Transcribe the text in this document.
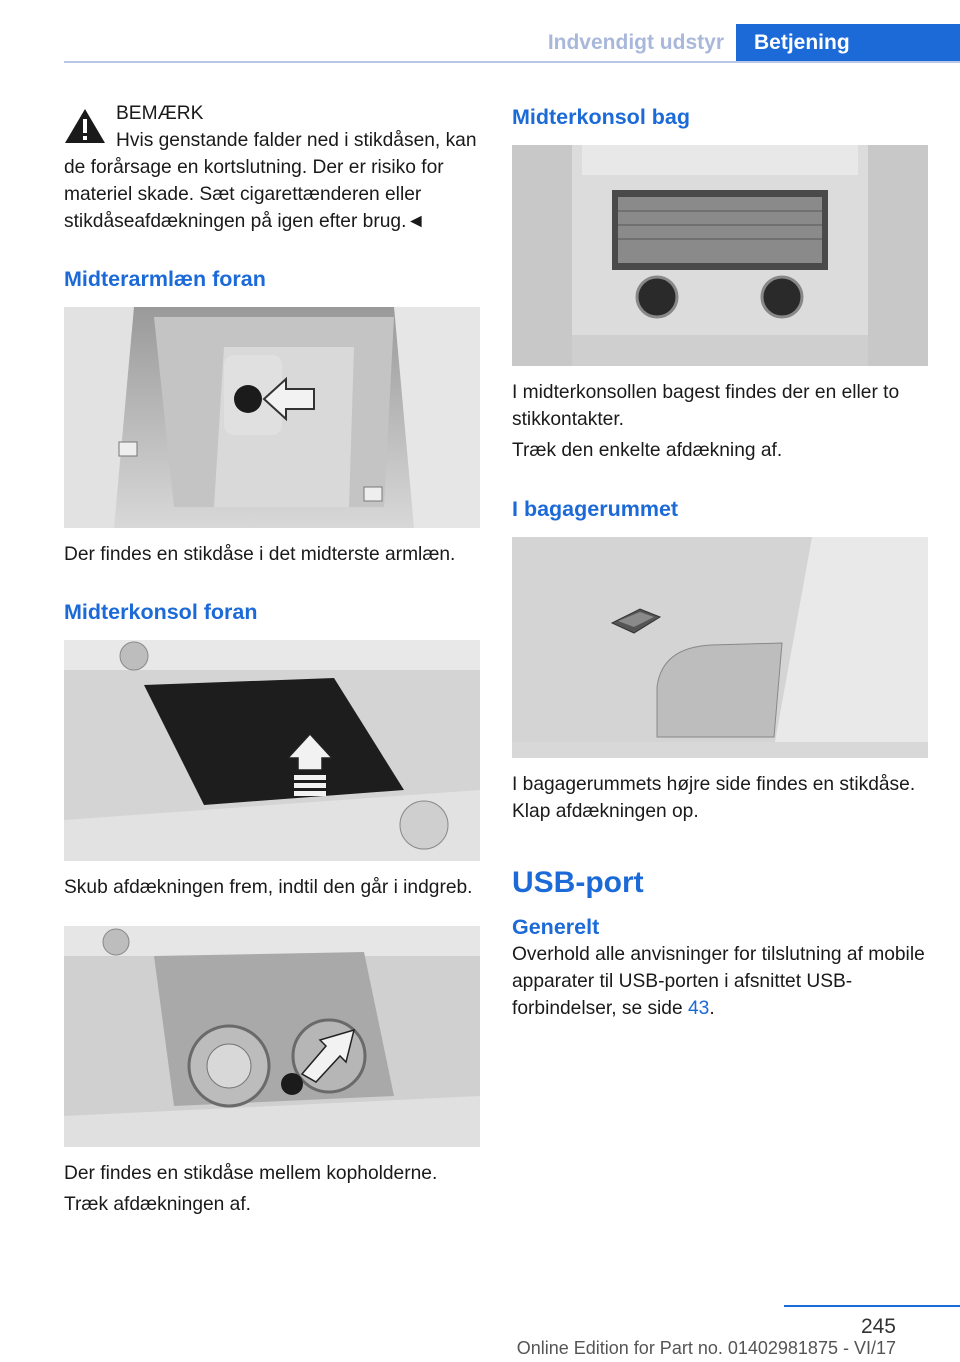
Indvendigt udstyr	Betjening

BEMÆRK

Hvis genstande falder ned i stikdåsen, kan de forårsage en kortslutning. Der er risiko for materiel skade. Sæt cigarettænderen eller stikdåseafdækningen på igen efter brug.◄

Midterarmlæn foran

Der findes en stikdåse i det midterste armlæn.

Midterkonsol foran

Skub afdækningen frem, indtil den går i indgreb.

Der findes en stikdåse mellem kopholderne.

Træk afdækningen af.

Midterkonsol bag

I midterkonsollen bagest findes der en eller to stikkontakter.

Træk den enkelte afdækning af.

I bagagerummet

I bagagerummets højre side findes en stikdåse. Klap afdækningen op.

USB-port
Generelt

Overhold alle anvisninger for tilslutning af mobile apparater til USB-porten i afsnittet USB-forbindelser, se side 43.

245
Online Edition for Part no. 01402981875 - VI/17
